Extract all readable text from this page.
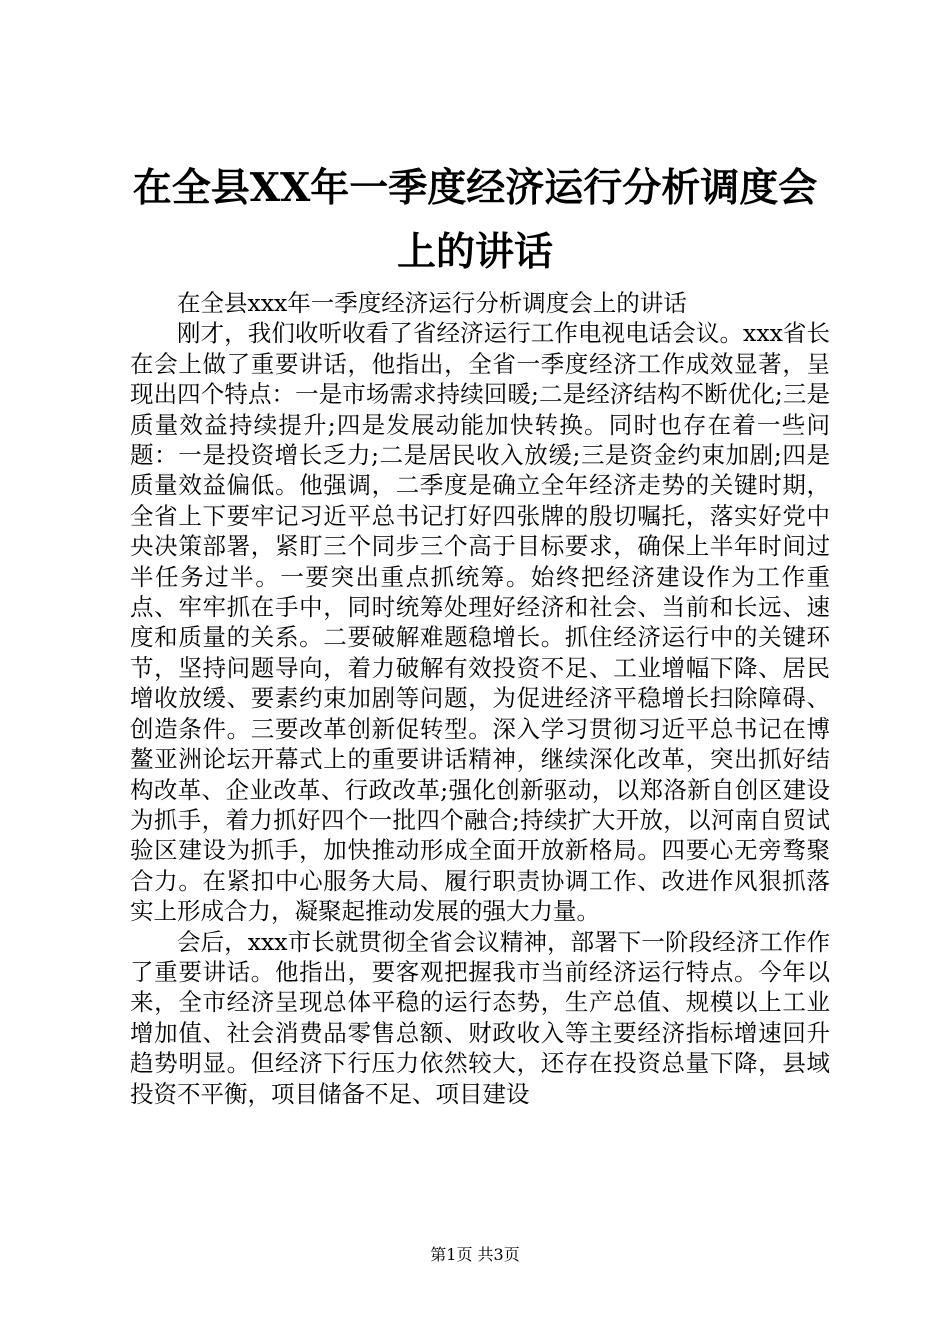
在全县XX年一季度经济运行分析调度会上的讲话

在全县xxx年一季度经济运行分析调度会上的讲话

刚才，我们收听收看了省经济运行工作电视电话会议。xxx省长在会上做了重要讲话，他指出，全省一季度经济工作成效显著，呈现出四个特点：一是市场需求持续回暖;二是经济结构不断优化;三是质量效益持续提升;四是发展动能加快转换。同时也存在着一些问题：一是投资增长乏力;二是居民收入放缓;三是资金约束加剧;四是质量效益偏低。他强调，二季度是确立全年经济走势的关键时期，全省上下要牢记习近平总书记打好四张牌的殷切嘱托，落实好党中央决策部署，紧盯三个同步三个高于目标要求，确保上半年时间过半任务过半。一要突出重点抓统筹。始终把经济建设作为工作重点、牢牢抓在手中，同时统筹处理好经济和社会、当前和长远、速度和质量的关系。二要破解难题稳增长。抓住经济运行中的关键环节，坚持问题导向，着力破解有效投资不足、工业增幅下降、居民增收放缓、要素约束加剧等问题，为促进经济平稳增长扫除障碍、创造条件。三要改革创新促转型。深入学习贯彻习近平总书记在博鳌亚洲论坛开幕式上的重要讲话精神，继续深化改革，突出抓好结构改革、企业改革、行政改革;强化创新驱动，以郑洛新自创区建设为抓手，着力抓好四个一批四个融合;持续扩大开放，以河南自贸试验区建设为抓手，加快推动形成全面开放新格局。四要心无旁骛聚合力。在紧扣中心服务大局、履行职责协调工作、改进作风狠抓落实上形成合力，凝聚起推动发展的强大力量。

会后，xxx市长就贯彻全省会议精神，部署下一阶段经济工作作了重要讲话。他指出，要客观把握我市当前经济运行特点。今年以来，全市经济呈现总体平稳的运行态势，生产总值、规模以上工业增加值、社会消费品零售总额、财政收入等主要经济指标增速回升趋势明显。但经济下行压力依然较大，还存在投资总量下降，县域投资不平衡，项目储备不足、项目建设

第1页 共3页
